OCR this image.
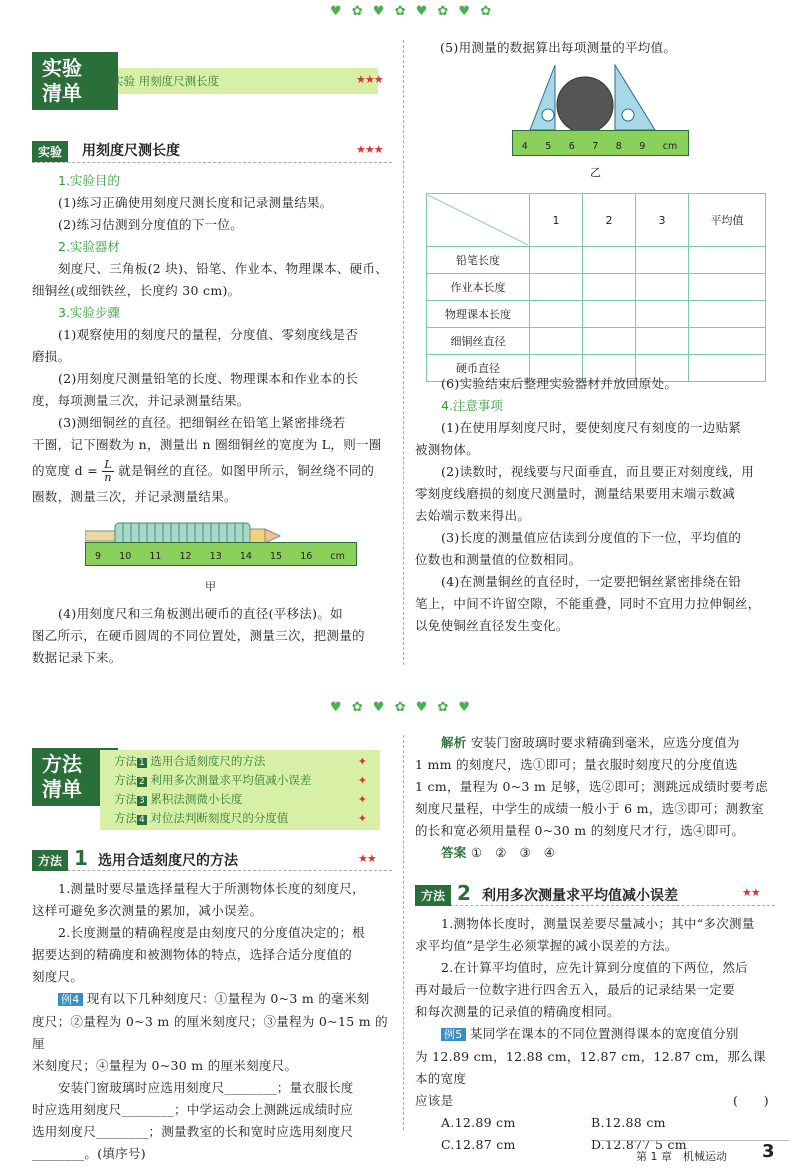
♥ ✿ ♥ ✿ ♥ ✿ ♥ ✿
实验
清单	实验 用刻度尺测长度	★★★
实验	用刻度尺测长度	★★★
1.实验目的
(1)练习正确使用刻度尺测长度和记录测量结果。
(2)练习估测到分度值的下一位。
2.实验器材
刻度尺、三角板(2 块)、铅笔、作业本、物理课本、硬币、
细铜丝(或细铁丝，长度约 30 cm)。
3.实验步骤
(1)观察使用的刻度尺的量程，分度值、零刻度线是否
磨损。
(2)用刻度尺测量铅笔的长度、物理课本和作业本的长
度，每项测量三次，并记录测量结果。
(3)测细铜丝的直径。把细铜丝在铅笔上紧密排绕若
干圈，记下圈数为 n，测量出 n 圈细铜丝的宽度为 L，则一圈
的宽度 $d = \frac{L}{n}$ 就是铜丝的直径。如图甲所示，铜丝绕不同的
圈数，测量三次，并记录测量结果。
9 10 11 12 13 14 15 16 cm
甲
(4)用刻度尺和三角板测出硬币的直径(平移法)。如
图乙所示，在硬币圆周的不同位置处，测量三次，把测量的
数据记录下来。
(5)用测量的数据算出每项测量的平均值。
4 5 6 7 8 9 cm
乙
	1	2	3	平均值
铅笔长度				
作业本长度				
物理课本长度				
细铜丝直径				
硬币直径				
(6)实验结束后整理实验器材并放回原处。
4.注意事项
(1)在使用厚刻度尺时，要使刻度尺有刻度的一边贴紧
被测物体。
(2)读数时，视线要与尺面垂直，而且要正对刻度线，用
零刻度线磨损的刻度尺测量时，测量结果要用末端示数减
去始端示数来得出。
(3)长度的测量值应估读到分度值的下一位，平均值的
位数也和测量值的位数相同。
(4)在测量铜丝的直径时，一定要把铜丝紧密排绕在铅
笔上，中间不许留空隙，不能重叠，同时不宜用力拉伸铜丝，
以免使铜丝直径发生变化。
♥ ✿ ♥ ✿ ♥ ✿ ♥
方法
清单
方法 1 选用合适刻度尺的方法	✦
方法 2 利用多次测量求平均值减小误差	✦
方法 3 累积法测微小长度	✦
方法 4 对位法判断刻度尺的分度值	✦
方法 1 选用合适刻度尺的方法	★★
1.测量时要尽量选择量程大于所测物体长度的刻度尺，
这样可避免多次测量的累加，减小误差。
2.长度测量的精确程度是由刻度尺的分度值决定的；根
据要达到的精确度和被测物体的特点，选择合适分度值的
刻度尺。
例4 现有以下几种刻度尺：①量程为 0~3 m 的毫米刻
度尺；②量程为 0~3 m 的厘米刻度尺；③量程为 0~15 m 的厘
米刻度尺；④量程为 0~30 m 的厘米刻度尺。
安装门窗玻璃时应选用刻度尺________；量衣服长度
时应选用刻度尺________；中学运动会上测跳远成绩时应
选用刻度尺________；测量教室的长和宽时应选用刻度尺
________。(填序号)
解析 安装门窗玻璃时要求精确到毫米，应选分度值为
1 mm 的刻度尺，选①即可；量衣服时刻度尺的分度值选
1 cm，量程为 0~3 m 足够，选②即可；测跳远成绩时要考虑
刻度尺量程，中学生的成绩一般小于 6 m，选③即可；测教室
的长和宽必须用量程 0~30 m 的刻度尺才行，选④即可。
答案 ①　②　③　④
方法 2 利用多次测量求平均值减小误差	★★
1.测物体长度时，测量误差要尽量减小；其中“多次测量
求平均值”是学生必须掌握的减小误差的方法。
2.在计算平均值时，应先计算到分度值的下两位，然后
再对最后一位数字进行四舍五入，最后的记录结果一定要
和每次测量的记录值的精确度相同。
例5 某同学在课本的不同位置测得课本的宽度值分别
为 12.89 cm，12.88 cm，12.87 cm，12.87 cm，那么课本的宽度
应该是	(　　)
A.12.89 cm	B.12.88 cm
C.12.87 cm	D.12.877 5 cm
第 1 章　机械运动 3
